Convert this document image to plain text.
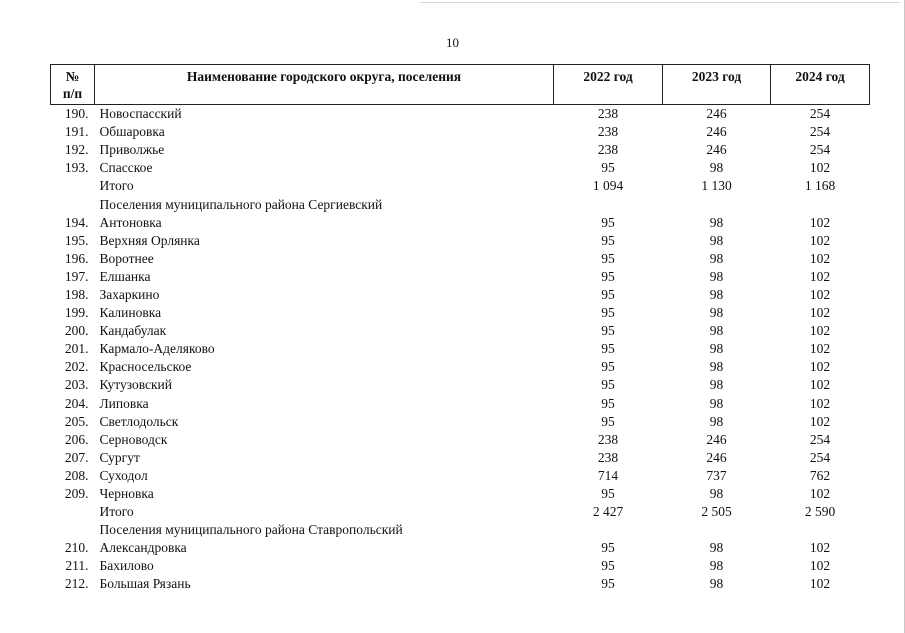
10
№
п/п	Наименование городского округа, поселения	2022 год	2023 год	2024 год
190.	Новоспасский	238	246	254
191.	Обшаровка	238	246	254
192.	Приволжье	238	246	254
193.	Спасское	95	98	102
	Итого	1 094	1 130	1 168
	Поселения муниципального района Сергиевский			
194.	Антоновка	95	98	102
195.	Верхняя Орлянка	95	98	102
196.	Воротнее	95	98	102
197.	Елшанка	95	98	102
198.	Захаркино	95	98	102
199.	Калиновка	95	98	102
200.	Кандабулак	95	98	102
201.	Кармало-Аделяково	95	98	102
202.	Красносельское	95	98	102
203.	Кутузовский	95	98	102
204.	Липовка	95	98	102
205.	Светлодольск	95	98	102
206.	Серноводск	238	246	254
207.	Сургут	238	246	254
208.	Суходол	714	737	762
209.	Черновка	95	98	102
	Итого	2 427	2 505	2 590
	Поселения муниципального района Ставропольский			
210.	Александровка	95	98	102
211.	Бахилово	95	98	102
212.	Большая Рязань	95	98	102
